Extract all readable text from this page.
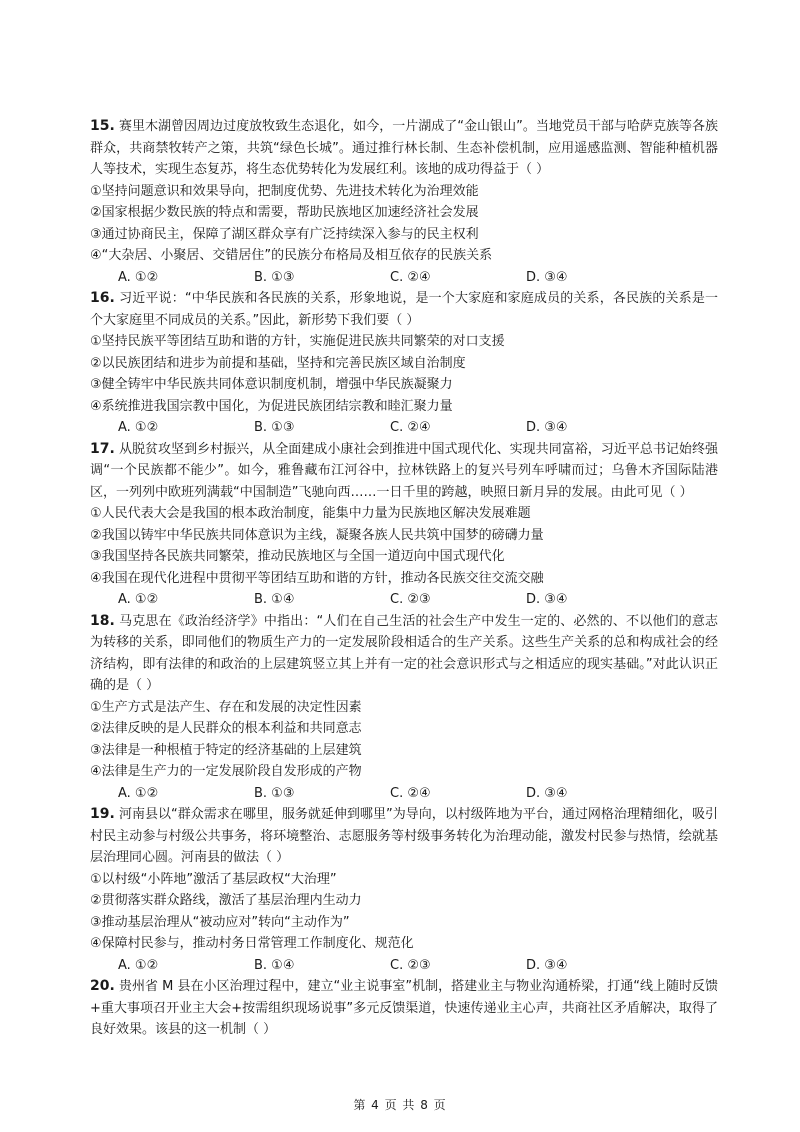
15. 赛里木湖曾因周边过度放牧致生态退化，如今，一片湖成了“金山银山”。当地党员干部与哈萨克族等各族群众，共商禁牧转产之策，共筑“绿色长城”。通过推行林长制、生态补偿机制，应用遥感监测、智能种植机器人等技术，实现生态复苏，将生态优势转化为发展红利。该地的成功得益于（ ）

①坚持问题意识和效果导向，把制度优势、先进技术转化为治理效能

②国家根据少数民族的特点和需要，帮助民族地区加速经济社会发展

③通过协商民主，保障了湖区群众享有广泛持续深入参与的民主权利

④“大杂居、小聚居、交错居住”的民族分布格局及相互依存的民族关系

A. ①②	B. ①③	C. ②④	D. ③④

16. 习近平说：“中华民族和各民族的关系，形象地说，是一个大家庭和家庭成员的关系，各民族的关系是一个大家庭里不同成员的关系。”因此，新形势下我们要（ ）

①坚持民族平等团结互助和谐的方针，实施促进民族共同繁荣的对口支援

②以民族团结和进步为前提和基础，坚持和完善民族区域自治制度

③健全铸牢中华民族共同体意识制度机制，增强中华民族凝聚力

④系统推进我国宗教中国化，为促进民族团结宗教和睦汇聚力量

A. ①②	B. ①③	C. ②④	D. ③④

17. 从脱贫攻坚到乡村振兴，从全面建成小康社会到推进中国式现代化、实现共同富裕，习近平总书记始终强调“一个民族都不能少”。如今，雅鲁藏布江河谷中，拉林铁路上的复兴号列车呼啸而过；乌鲁木齐国际陆港区，一列列中欧班列满载“中国制造”飞驰向西……一日千里的跨越，映照日新月异的发展。由此可见（ ）

①人民代表大会是我国的根本政治制度，能集中力量为民族地区解决发展难题

②我国以铸牢中华民族共同体意识为主线，凝聚各族人民共筑中国梦的磅礴力量

③我国坚持各民族共同繁荣，推动民族地区与全国一道迈向中国式现代化

④我国在现代化进程中贯彻平等团结互助和谐的方针，推动各民族交往交流交融

A. ①②	B. ①④	C. ②③	D. ③④

18. 马克思在《政治经济学》中指出：“人们在自己生活的社会生产中发生一定的、必然的、不以他们的意志为转移的关系，即同他们的物质生产力的一定发展阶段相适合的生产关系。这些生产关系的总和构成社会的经济结构，即有法律的和政治的上层建筑竖立其上并有一定的社会意识形式与之相适应的现实基础。”对此认识正确的是（ ）

①生产方式是法产生、存在和发展的决定性因素

②法律反映的是人民群众的根本利益和共同意志

③法律是一种根植于特定的经济基础的上层建筑

④法律是生产力的一定发展阶段自发形成的产物

A. ①②	B. ①③	C. ②④	D. ③④

19. 河南县以“群众需求在哪里，服务就延伸到哪里”为导向，以村级阵地为平台，通过网格治理精细化，吸引村民主动参与村级公共事务，将环境整治、志愿服务等村级事务转化为治理动能，激发村民参与热情，绘就基层治理同心圆。河南县的做法（ ）

①以村级“小阵地”激活了基层政权“大治理”

②贯彻落实群众路线，激活了基层治理内生动力

③推动基层治理从“被动应对”转向“主动作为”

④保障村民参与，推动村务日常管理工作制度化、规范化

A. ①②	B. ①④	C. ②③	D. ③④

20. 贵州省 M 县在小区治理过程中，建立“业主说事室”机制，搭建业主与物业沟通桥梁，打通“线上随时反馈+重大事项召开业主大会+按需组织现场说事”多元反馈渠道，快速传递业主心声，共商社区矛盾解决，取得了良好效果。该县的这一机制（ ）

第 4 页 共 8 页
